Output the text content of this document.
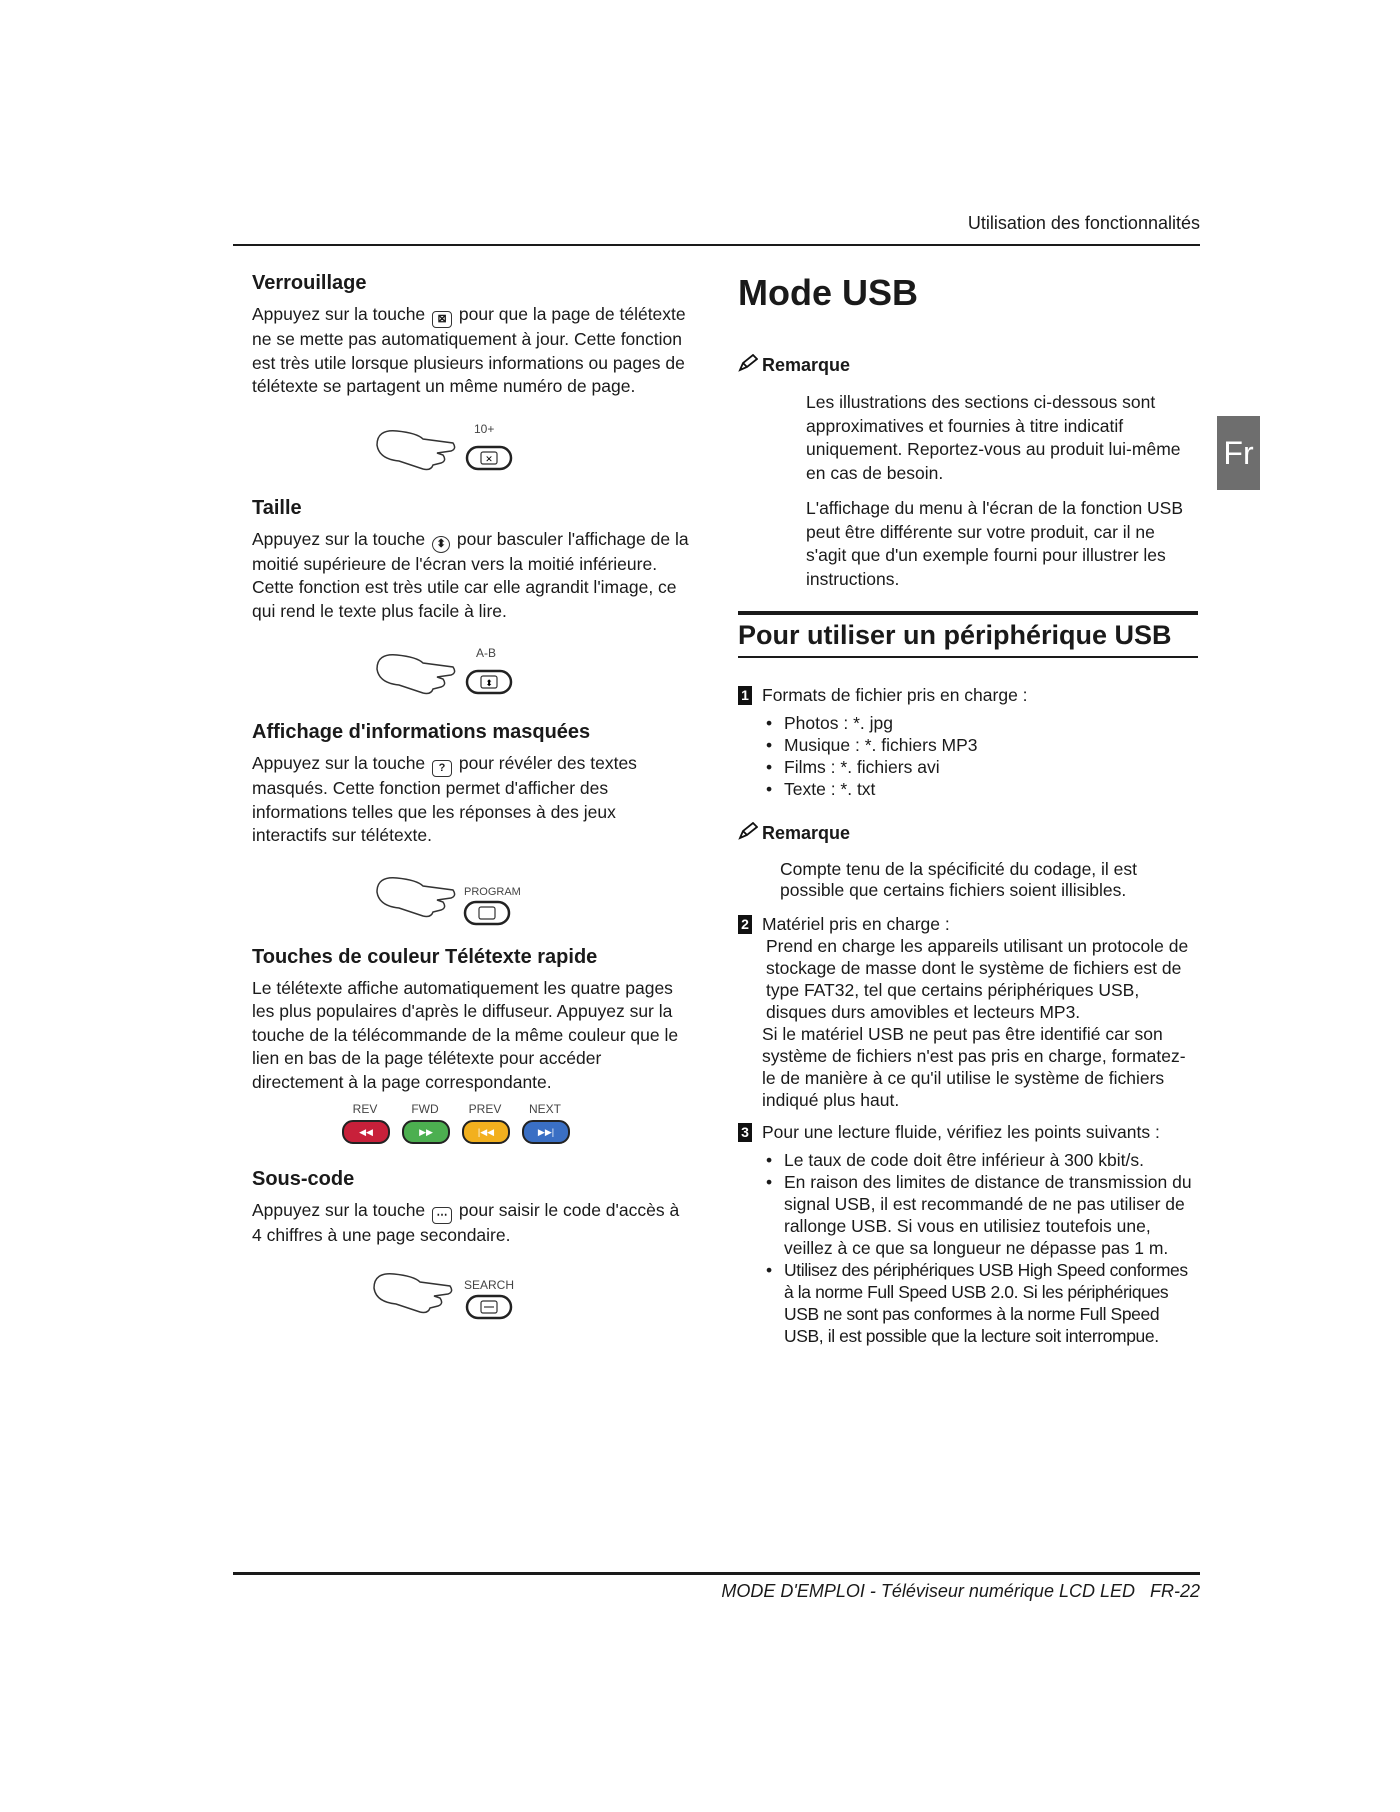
Utilisation des fonctionnalités
Fr
Verrouillage

Appuyez sur la touche ⊠ pour que la page de télétexte ne se mette pas automatiquement à jour. Cette fonction est très utile lorsque plusieurs informations ou pages de télétexte se partagent un même numéro de page.

✕
10+
Taille

Appuyez sur la touche ⬍ pour basculer l'affichage de la moitié supérieure de l'écran vers la moitié inférieure. Cette fonction est très utile car elle agrandit l'image, ce qui rend le texte plus facile à lire.

⬍
A-B
Affichage d'informations masquées

Appuyez sur la touche ? pour révéler des textes masqués. Cette fonction permet d'afficher des informations telles que les réponses à des jeux interactifs sur télétexte.

PROGRAM
Touches de couleur Télétexte rapide

Le télétexte affiche automatiquement les quatre pages les plus populaires d'après le diffuseur. Appuyez sur la touche de la télécommande de la même couleur que le lien en bas de la page télétexte pour accéder directement à la page correspondante.

REV	FWD	PREV	NEXT
◀◀	▶▶	|◀◀	▶▶|
Sous-code

Appuyez sur la touche ⋯ pour saisir le code d'accès à 4 chiffres à une page secondaire.

SEARCH
Mode USB
Remarque

Les illustrations des sections ci-dessous sont approximatives et fournies à titre indicatif uniquement. Reportez-vous au produit lui-même en cas de besoin.

L'affichage du menu à l'écran de la fonction USB peut être différente sur votre produit, car il ne s'agit que d'un exemple fourni pour illustrer les instructions.

Pour utiliser un périphérique USB
1 Formats de fichier pris en charge :
• Photos : *. jpg
• Musique : *. fichiers MP3
• Films : *. fichiers avi
• Texte : *. txt
Remarque

Compte tenu de la spécificité du codage, il est possible que certains fichiers soient illisibles.

2 Matériel pris en charge :
Prend en charge les appareils utilisant un protocole de stockage de masse dont le système de fichiers est de type FAT32, tel que certains périphériques USB, disques durs amovibles et lecteurs MP3.
Si le matériel USB ne peut pas être identifié car son système de fichiers n'est pas pris en charge, formatez-le de manière à ce qu'il utilise le système de fichiers indiqué plus haut.
3 Pour une lecture fluide, vérifiez les points suivants :
• Le taux de code doit être inférieur à 300 kbit/s.
• En raison des limites de distance de transmission du signal USB, il est recommandé de ne pas utiliser de rallonge USB. Si vous en utilisiez toutefois une, veillez à ce que sa longueur ne dépasse pas 1 m.
• Utilisez des périphériques USB High Speed conformes à la norme Full Speed USB 2.0. Si les périphériques USB ne sont pas conformes à la norme Full Speed USB, il est possible que la lecture soit interrompue.
MODE D'EMPLOI - Téléviseur numérique LCD LED   FR-22
